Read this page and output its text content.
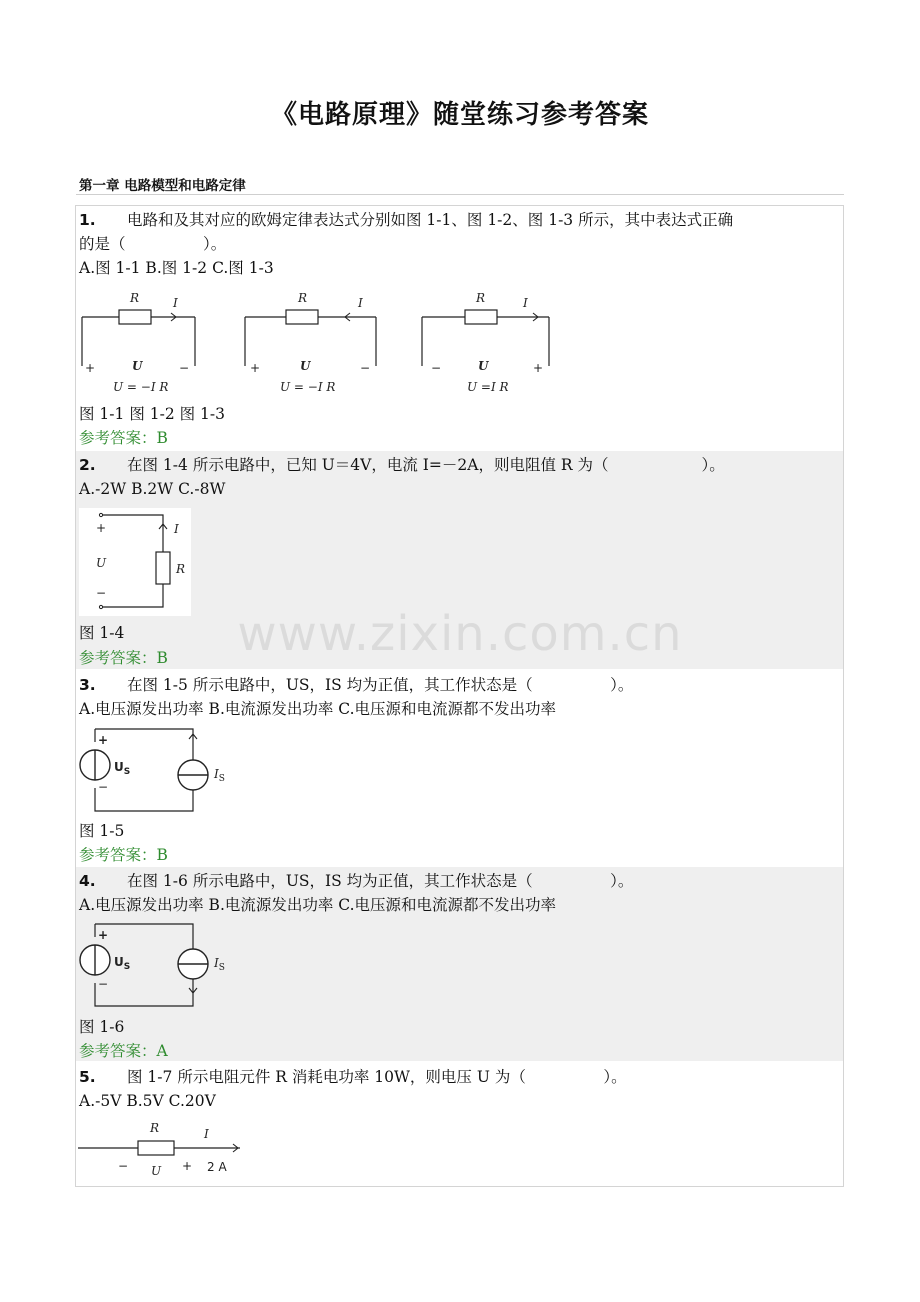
《电路原理》随堂练习参考答案
第一章 电路模型和电路定律
1. 电路和及其对应的欧姆定律表达式分别如图 1-1、图 1-2、图 1-3 所示，其中表达式正确
的是（　　　　　）。
A.图 1-1 B.图 1-2 C.图 1-3
R	I
+	U	−
U = −I R
R	I
+	U	−
U = −I R
R	I
−	U	+
U =I R
图 1-1 图 1-2 图 1-3
参考答案：B
2. 在图 1-4 所示电路中，已知 U＝4V，电流 I=－2A，则电阻值 R 为（　　　　　　）。
A.-2W B.2W C.-8W
+
U
−
I
R
图 1-4
参考答案：B
3. 在图 1-5 所示电路中，US，IS 均为正值，其工作状态是（　　　　　）。
A.电压源发出功率 B.电流源发出功率 C.电压源和电流源都不发出功率
+
−
$U_S$	$I_S$
图 1-5
参考答案：B
4. 在图 1-6 所示电路中，US，IS 均为正值，其工作状态是（　　　　　）。
A.电压源发出功率 B.电流源发出功率 C.电压源和电流源都不发出功率
+
−
$U_S$	$I_S$
图 1-6
参考答案：A
5. 图 1-7 所示电阻元件 R 消耗电功率 10W，则电压 U 为（　　　　　）。
A.-5V B.5V C.20V
R	I
− U + 2 A
www.zixin.com.cn
